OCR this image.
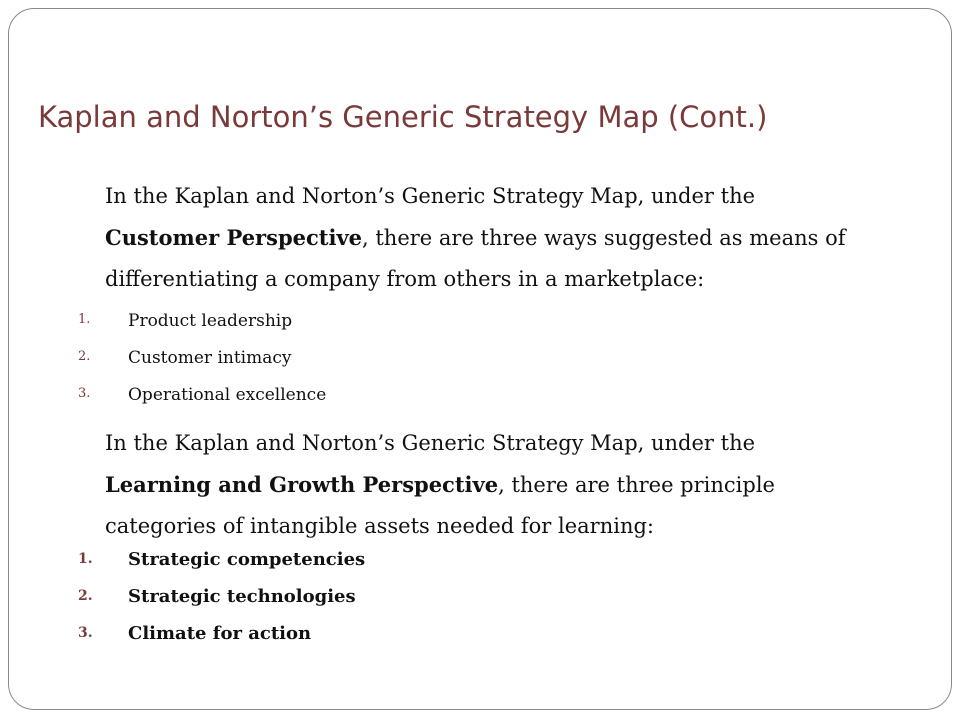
Kaplan and Norton’s Generic Strategy Map (Cont.)
In the Kaplan and Norton’s Generic Strategy Map, under the Customer Perspective, there are three ways suggested as means of differentiating a company from others in a marketplace:
1. Product leadership
2. Customer intimacy
3. Operational excellence
In the Kaplan and Norton’s Generic Strategy Map, under the Learning and Growth Perspective, there are three principle categories of intangible assets needed for learning:
1. Strategic competencies
2. Strategic technologies
3. Climate for action
